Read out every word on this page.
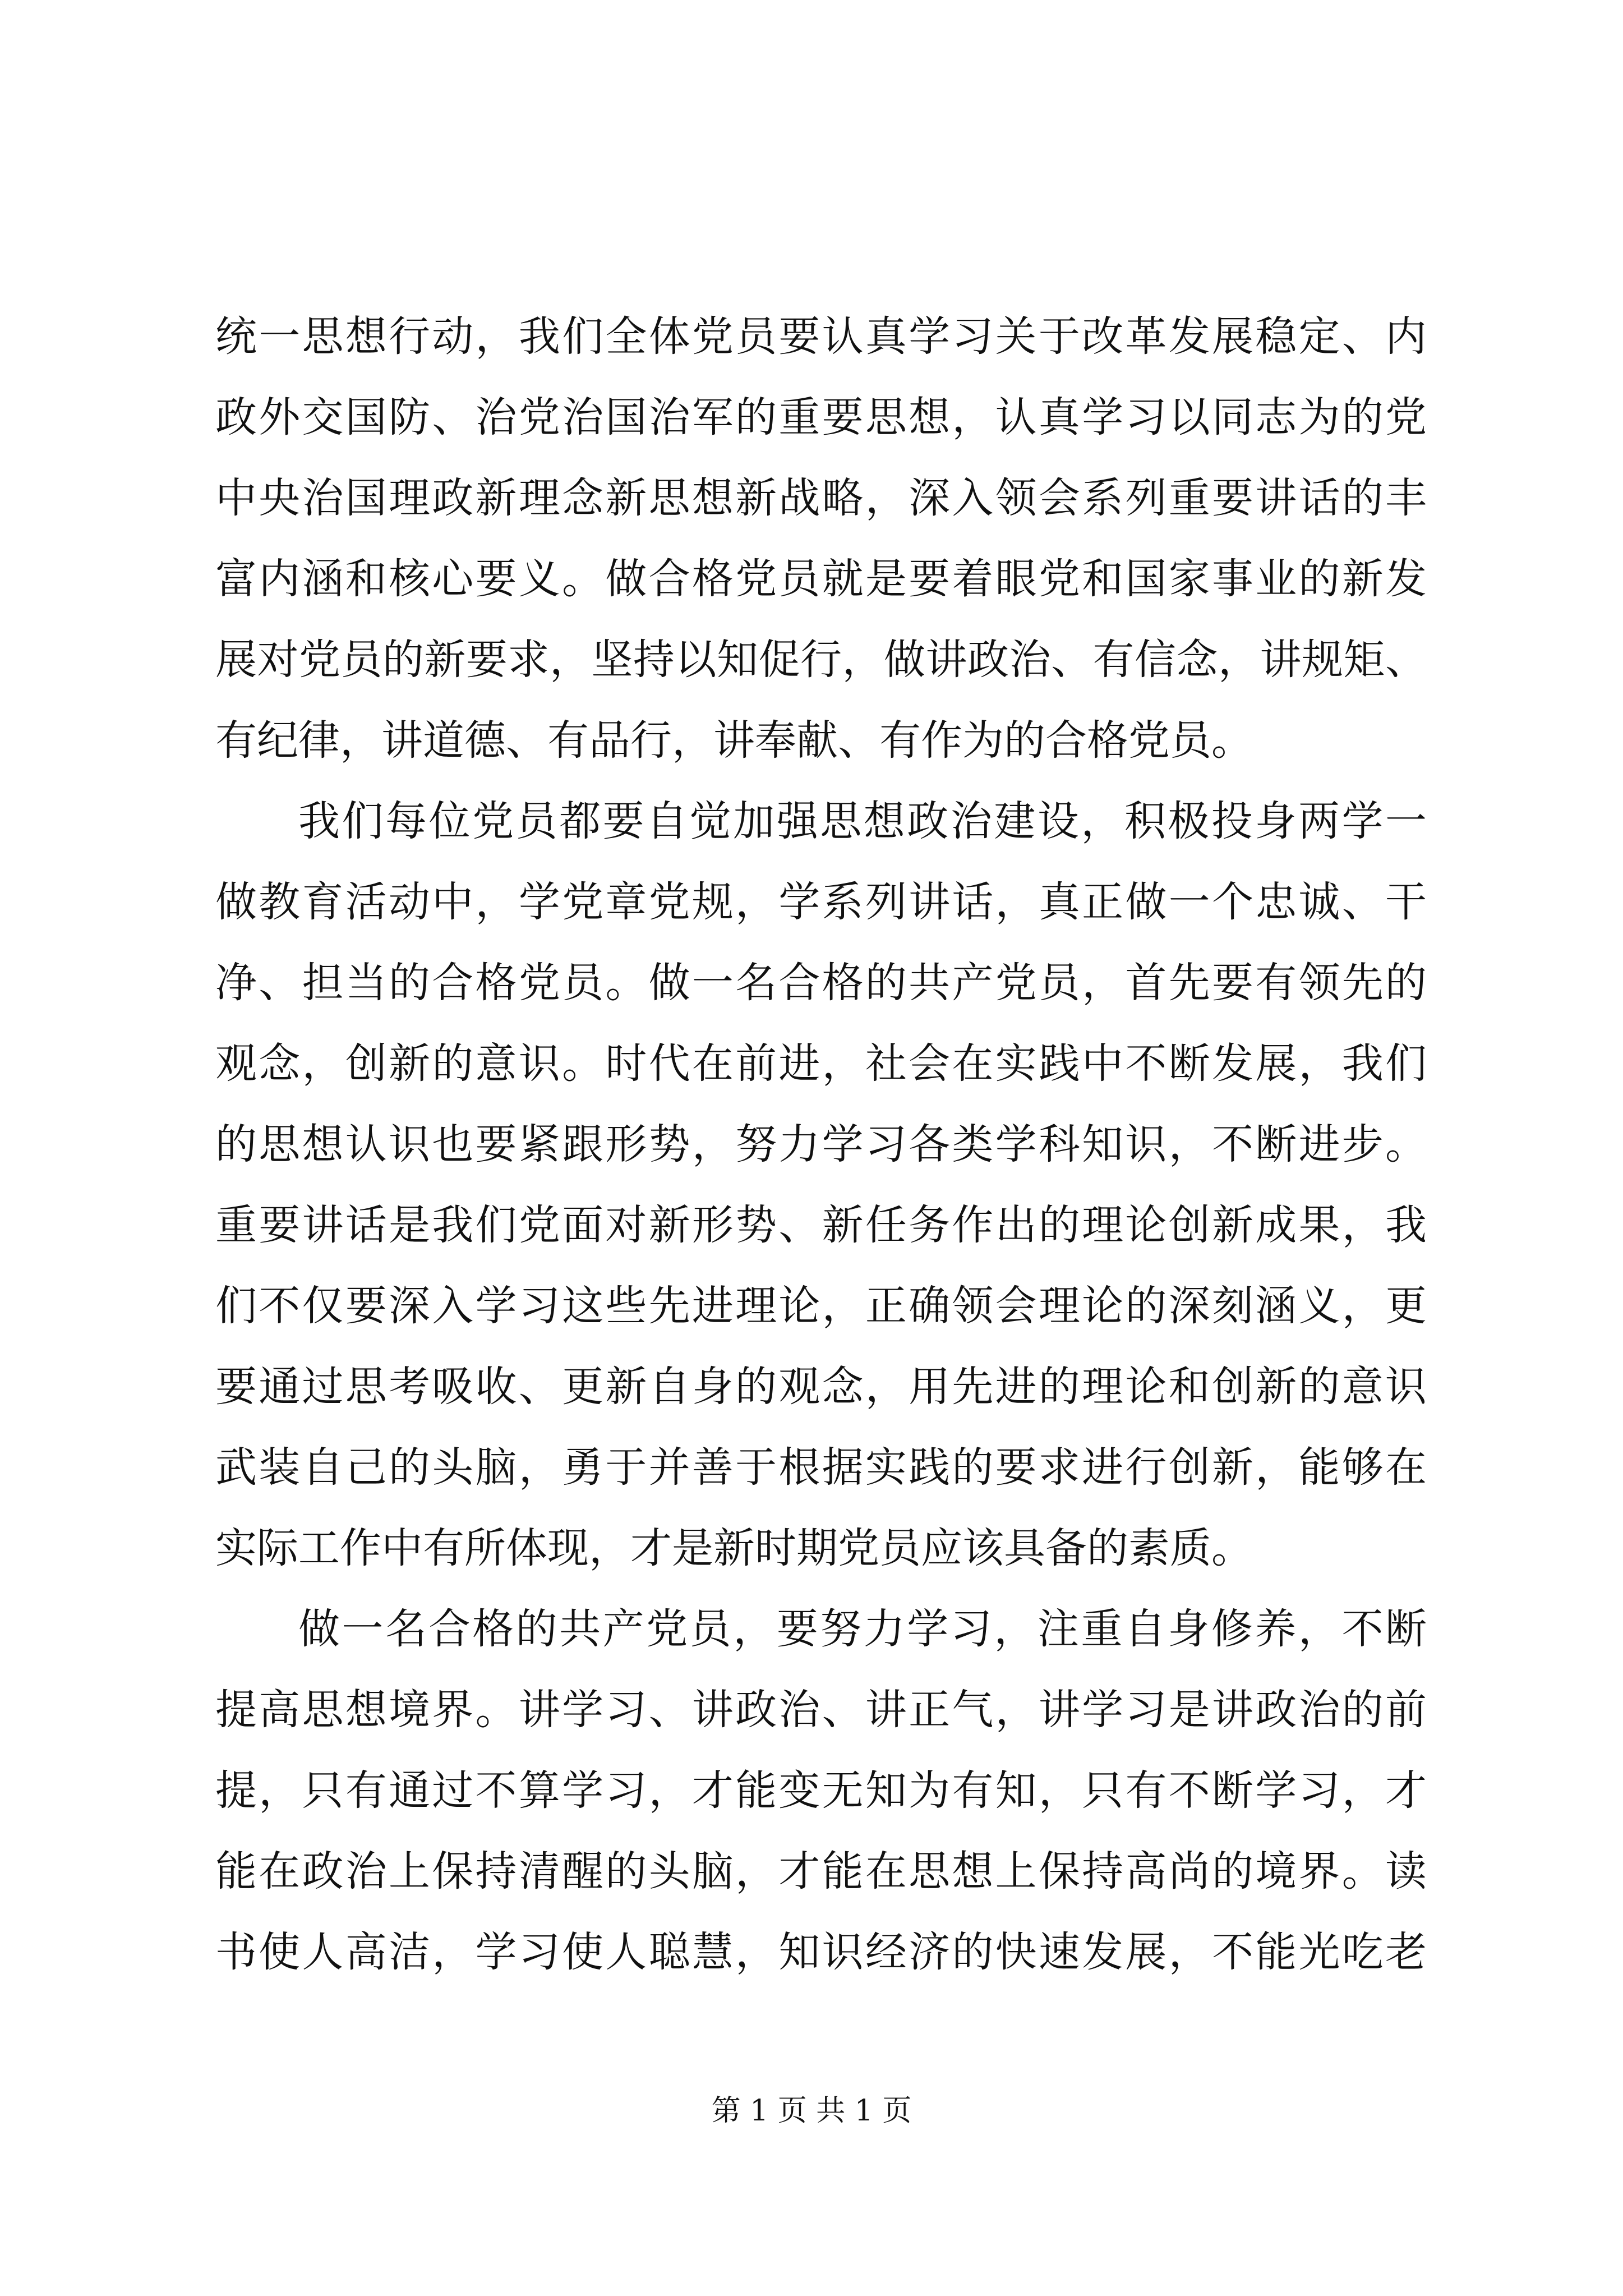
统一思想行动，我们全体党员要认真学习关于改革发展稳定、内
政外交国防、治党治国治军的重要思想，认真学习以同志为的党
中央治国理政新理念新思想新战略，深入领会系列重要讲话的丰
富内涵和核心要义。做合格党员就是要着眼党和国家事业的新发
展对党员的新要求，坚持以知促行，做讲政治、有信念，讲规矩、
有纪律，讲道德、有品行，讲奉献、有作为的合格党员。
我们每位党员都要自觉加强思想政治建设，积极投身两学一
做教育活动中，学党章党规，学系列讲话，真正做一个忠诚、干
净、担当的合格党员。做一名合格的共产党员，首先要有领先的
观念，创新的意识。时代在前进，社会在实践中不断发展，我们
的思想认识也要紧跟形势，努力学习各类学科知识，不断进步。
重要讲话是我们党面对新形势、新任务作出的理论创新成果，我
们不仅要深入学习这些先进理论，正确领会理论的深刻涵义，更
要通过思考吸收、更新自身的观念，用先进的理论和创新的意识
武装自己的头脑，勇于并善于根据实践的要求进行创新，能够在
实际工作中有所体现，才是新时期党员应该具备的素质。
做一名合格的共产党员，要努力学习，注重自身修养，不断
提高思想境界。讲学习、讲政治、讲正气，讲学习是讲政治的前
提，只有通过不算学习，才能变无知为有知，只有不断学习，才
能在政治上保持清醒的头脑，才能在思想上保持高尚的境界。读
书使人高洁，学习使人聪慧，知识经济的快速发展，不能光吃老
第 1 页 共 1 页
